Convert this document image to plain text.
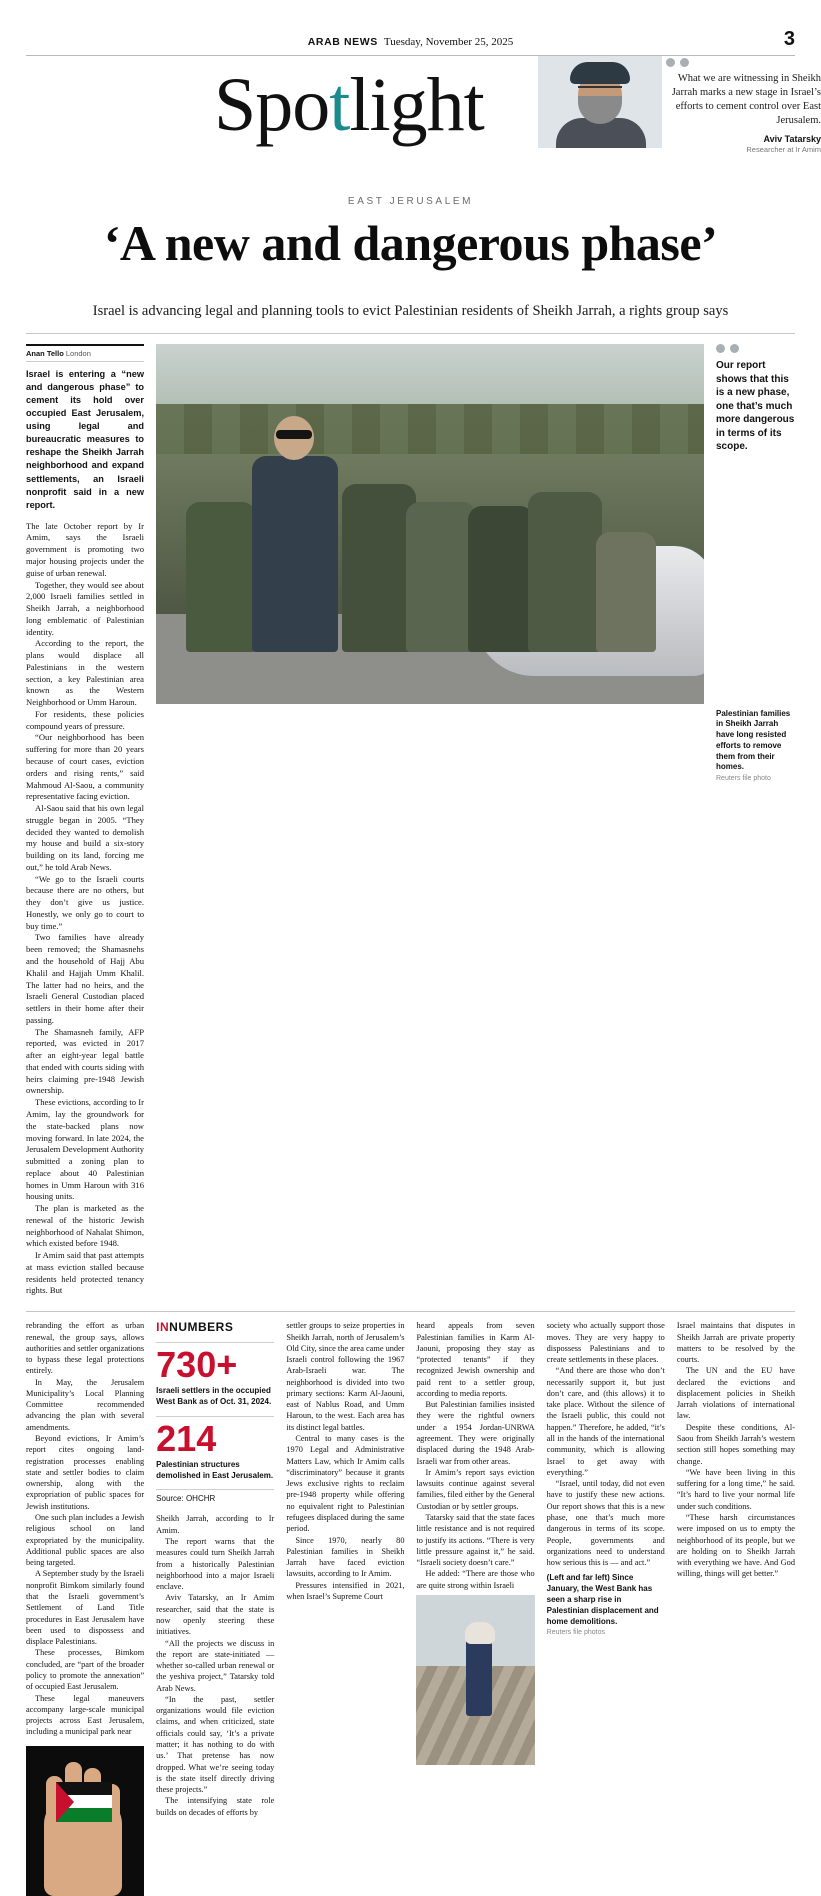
ARAB NEWS Tuesday, November 25, 2025	3
Spotlight	What we are witnessing in Sheikh Jarrah marks a new stage in Israel’s efforts to cement control over East Jerusalem.
Aviv Tatarsky
Researcher at Ir Amim
EAST JERUSALEM
‘A new and dangerous phase’
Israel is advancing legal and planning tools to evict Palestinian residents of Sheikh Jarrah, a rights group says
Anan Tello London
Israel is entering a “new and dangerous phase” to cement its hold over occupied East Jerusalem, using legal and bureaucratic measures to reshape the Sheikh Jarrah neighborhood and expand settlements, an Israeli nonprofit said in a new report.

The late October report by Ir Amim, says the Israeli government is promoting two major housing projects under the guise of urban renewal.

Together, they would see about 2,000 Israeli families settled in Sheikh Jarrah, a neighborhood long emblematic of Palestinian identity.

According to the report, the plans would displace all Palestinians in the western section, a key Palestinian area known as the Western Neighborhood or Umm Haroun.

For residents, these policies compound years of pressure.

“Our neighborhood has been suffering for more than 20 years because of court cases, eviction orders and rising rents,” said Mahmoud Al-Saou, a community representative facing eviction.

Al-Saou said that his own legal struggle began in 2005. “They decided they wanted to demolish my house and build a six-story building on its land, forcing me out,” he told Arab News.

“We go to the Israeli courts because there are no others, but they don’t give us justice. Honestly, we only go to court to buy time.”

Two families have already been removed; the Shamasnehs and the household of Hajj Abu Khalil and Hajjah Umm Khalil. The latter had no heirs, and the Israeli General Custodian placed settlers in their home after their passing.

The Shamasneh family, AFP reported, was evicted in 2017 after an eight-year legal battle that ended with courts siding with heirs claiming pre-1948 Jewish ownership.

These evictions, according to Ir Amim, lay the groundwork for the state-backed plans now moving forward. In late 2024, the Jerusalem Development Authority submitted a zoning plan to replace about 40 Palestinian homes in Umm Haroun with 316 housing units.

The plan is marketed as the renewal of the historic Jewish neighborhood of Nahalat Shimon, which existed before 1948.

Ir Amim said that past attempts at mass eviction stalled because residents held protected tenancy rights. But

Our report shows that this is a new phase, one that’s much more dangerous in terms of its scope.
Palestinian families in Sheikh Jarrah have long resisted efforts to remove them from their homes.
Reuters file photo

rebranding the effort as urban renewal, the group says, allows authorities and settler organizations to bypass these legal protections entirely.

In May, the Jerusalem Municipality’s Local Planning Committee recommended advancing the plan with several amendments.

Beyond evictions, Ir Amim’s report cites ongoing land-registration processes enabling state and settler bodies to claim ownership, along with the expropriation of public spaces for Jewish institutions.

One such plan includes a Jewish religious school on land expropriated by the municipality. Additional public spaces are also being targeted.

A September study by the Israeli nonprofit Bimkom similarly found that the Israeli government’s Settlement of Land Title procedures in East Jerusalem have been used to dispossess and displace Palestinians.

These processes, Bimkom concluded, are “part of the broader policy to promote the annexation” of occupied East Jerusalem.

These legal maneuvers accompany large-scale municipal projects across East Jerusalem, including a municipal park near

INNUMBERS
730+
Israeli settlers in the occupied West Bank as of Oct. 31, 2024.
214
Palestinian structures demolished in East Jerusalem.
Source: OHCHR

Sheikh Jarrah, according to Ir Amim.

The report warns that the measures could turn Sheikh Jarrah from a historically Palestinian neighborhood into a major Israeli enclave.

Aviv Tatarsky, an Ir Amim researcher, said that the state is now openly steering these initiatives.

“All the projects we discuss in the report are state-initiated — whether so-called urban renewal or the yeshiva project,” Tatarsky told Arab News.

“In the past, settler organizations would file eviction claims, and when criticized, state officials could say, ‘It’s a private matter; it has nothing to do with us.’ That pretense has now dropped. What we’re seeing today is the state itself directly driving these projects.”

The intensifying state role builds on decades of efforts by

settler groups to seize properties in Sheikh Jarrah, north of Jerusalem’s Old City, since the area came under Israeli control following the 1967 Arab-Israeli war. The neighborhood is divided into two primary sections: Karm Al-Jaouni, east of Nablus Road, and Umm Haroun, to the west. Each area has its distinct legal battles.

Central to many cases is the 1970 Legal and Administrative Matters Law, which Ir Amim calls “discriminatory” because it grants Jews exclusive rights to reclaim pre-1948 property while offering no equivalent right to Palestinian refugees displaced during the same period.

Since 1970, nearly 80 Palestinian families in Sheikh Jarrah have faced eviction lawsuits, according to Ir Amim.

Pressures intensified in 2021, when Israel’s Supreme Court

heard appeals from seven Palestinian families in Karm Al-Jaouni, proposing they stay as “protected tenants” if they recognized Jewish ownership and paid rent to a settler group, according to media reports.

But Palestinian families insisted they were the rightful owners under a 1954 Jordan-UNRWA agreement. They were originally displaced during the 1948 Arab-Israeli war from other areas.

Ir Amim’s report says eviction lawsuits continue against several families, filed either by the General Custodian or by settler groups.

Tatarsky said that the state faces little resistance and is not required to justify its actions. “There is very little pressure against it,” he said. “Israeli society doesn’t care.”

He added: “There are those who are quite strong within Israeli

society who actually support those moves. They are very happy to dispossess Palestinians and to create settlements in these places.

“And there are those who don’t necessarily support it, but just don’t care, and (this allows) it to take place. Without the silence of the Israeli public, this could not happen.” Therefore, he added, “it’s all in the hands of the international community, which is allowing Israel to get away with everything.”

“Israel, until today, did not even have to justify these new actions. Our report shows that this is a new phase, one that’s much more dangerous in terms of its scope. People, governments and organizations need to understand how serious this is — and act.”

(Left and far left) Since January, the West Bank has seen a sharp rise in Palestinian displacement and home demolitions.
Reuters file photos

Israel maintains that disputes in Sheikh Jarrah are private property matters to be resolved by the courts.

The UN and the EU have declared the evictions and displacement policies in Sheikh Jarrah violations of international law.

Despite these conditions, Al-Saou from Sheikh Jarrah’s western section still hopes something may change.

“We have been living in this suffering for a long time,” he said. “It’s hard to live your normal life under such conditions.

“These harsh circumstances were imposed on us to empty the neighborhood of its people, but we are holding on to Sheikh Jarrah with everything we have. And God willing, things will get better.”
